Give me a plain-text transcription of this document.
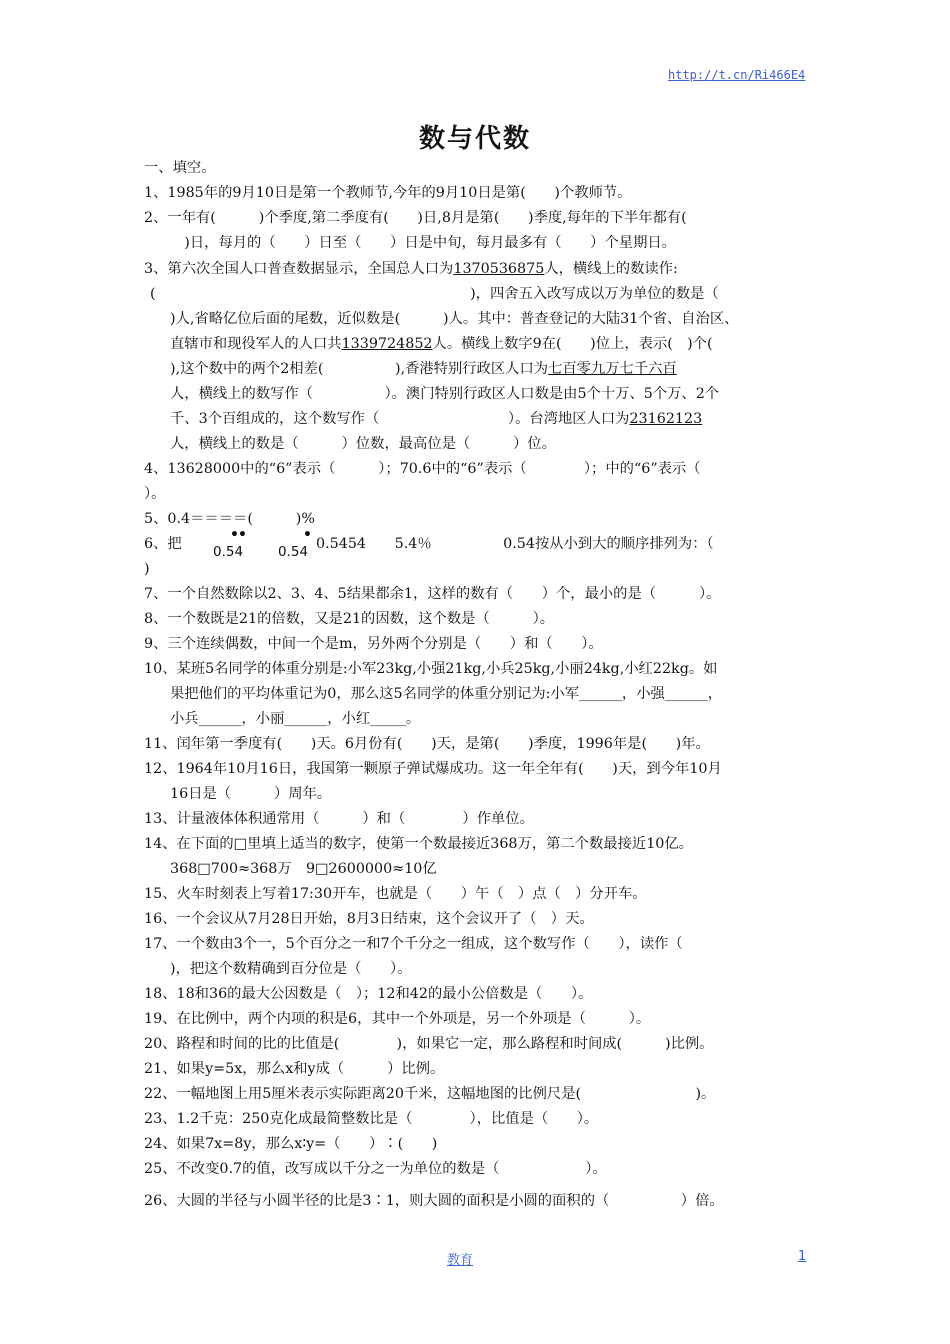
http://t.cn/Ri466E4
数与代数
一、填空。
1、1985年的9月10日是第一个教师节,今年的9月10日是第(　　)个教师节。
2、一年有(　　　)个季度,第二季度有(　　)日,8月是第(　　)季度,每年的下半年都有(
　)日，每月的（　　）日至（　　）日是中旬，每月最多有（　　）个星期日。
3、第六次全国人口普查数据显示，全国总人口为1370536875人，横线上的数读作:
(　　　　　　　　　　　　　　　　　　　　　　)，四舍五入改写成以万为单位的数是（
)人,省略亿位后面的尾数，近似数是(　　　)人。其中：普查登记的大陆31个省、自治区、
直辖市和现役军人的人口共1339724852人。横线上数字9在(　　)位上，表示(　)个(
),这个数中的两个2相差(　　　　　),香港特别行政区人口为七百零九万七千六百
人，横线上的数写作（　　　　　）。澳门特别行政区人口数是由5个十万、5个万、2个
千、3个百组成的，这个数写作（　　　　　　　　　）。台湾地区人口为23162123
人，横线上的数是（　　　）位数，最高位是（　　　）位。
4、13628000中的“6”表示（　　　）；70.6中的“6”表示（　　　　）；中的“6”表示（
）。
5、0.4＝＝＝＝(　　　)%
6、把
• •
0.54
•
0.54 0.5454　　5.4％　　　　　0.54按从小到大的顺序排列为：（
)
7、一个自然数除以2、3、4、5结果都余1，这样的数有（　　）个，最小的是（　　　）。
8、一个数既是21的倍数，又是21的因数，这个数是（　　　）。
9、三个连续偶数，中间一个是m，另外两个分别是（　　）和（　　）。
10、某班5名同学的体重分别是:小军23kg,小强21kg,小兵25kg,小丽24kg,小红22kg。如
果把他们的平均体重记为0，那么这5名同学的体重分别记为:小军______，小强______，
小兵______，小丽______，小红_____。
11、闰年第一季度有(　　)天。6月份有(　　)天，是第(　　)季度，1996年是(　　)年。
12、1964年10月16日，我国第一颗原子弹试爆成功。这一年全年有(　　)天，到今年10月
16日是（　　　）周年。
13、计量液体体积通常用（　　　）和（　　　　）作单位。
14、在下面的□里填上适当的数字，使第一个数最接近368万，第二个数最接近10亿。
368□700≈368万　9□2600000≈10亿
15、火车时刻表上写着17:30开车，也就是（　　）午（　）点（　）分开车。
16、一个会议从7月28日开始，8月3日结束，这个会议开了（　）天。
17、一个数由3个一，5个百分之一和7个千分之一组成，这个数写作（　　），读作（
)，把这个数精确到百分位是（　　）。
18、18和36的最大公因数是（　）；12和42的最小公倍数是（　　）。
19、在比例中，两个内项的积是6，其中一个外项是，另一个外项是（　　　）。
20、路程和时间的比的比值是(　　　　)，如果它一定，那么路程和时间成(　　　)比例。
21、如果y=5x，那么x和y成（　　　）比例。
22、一幅地图上用5厘米表示实际距离20千米，这幅地图的比例尺是(　　　　　　　　)。
23、1.2千克：250克化成最简整数比是（　　　　），比值是（　　）。
24、如果7x=8y，那么x∶y=（　　）∶(　　)
25、不改变0.7的值，改写成以千分之一为单位的数是（　　　　　　）。
26、大圆的半径与小圆半径的比是3∶1，则大圆的面积是小圆的面积的（　　　　　）倍。
教育	1
